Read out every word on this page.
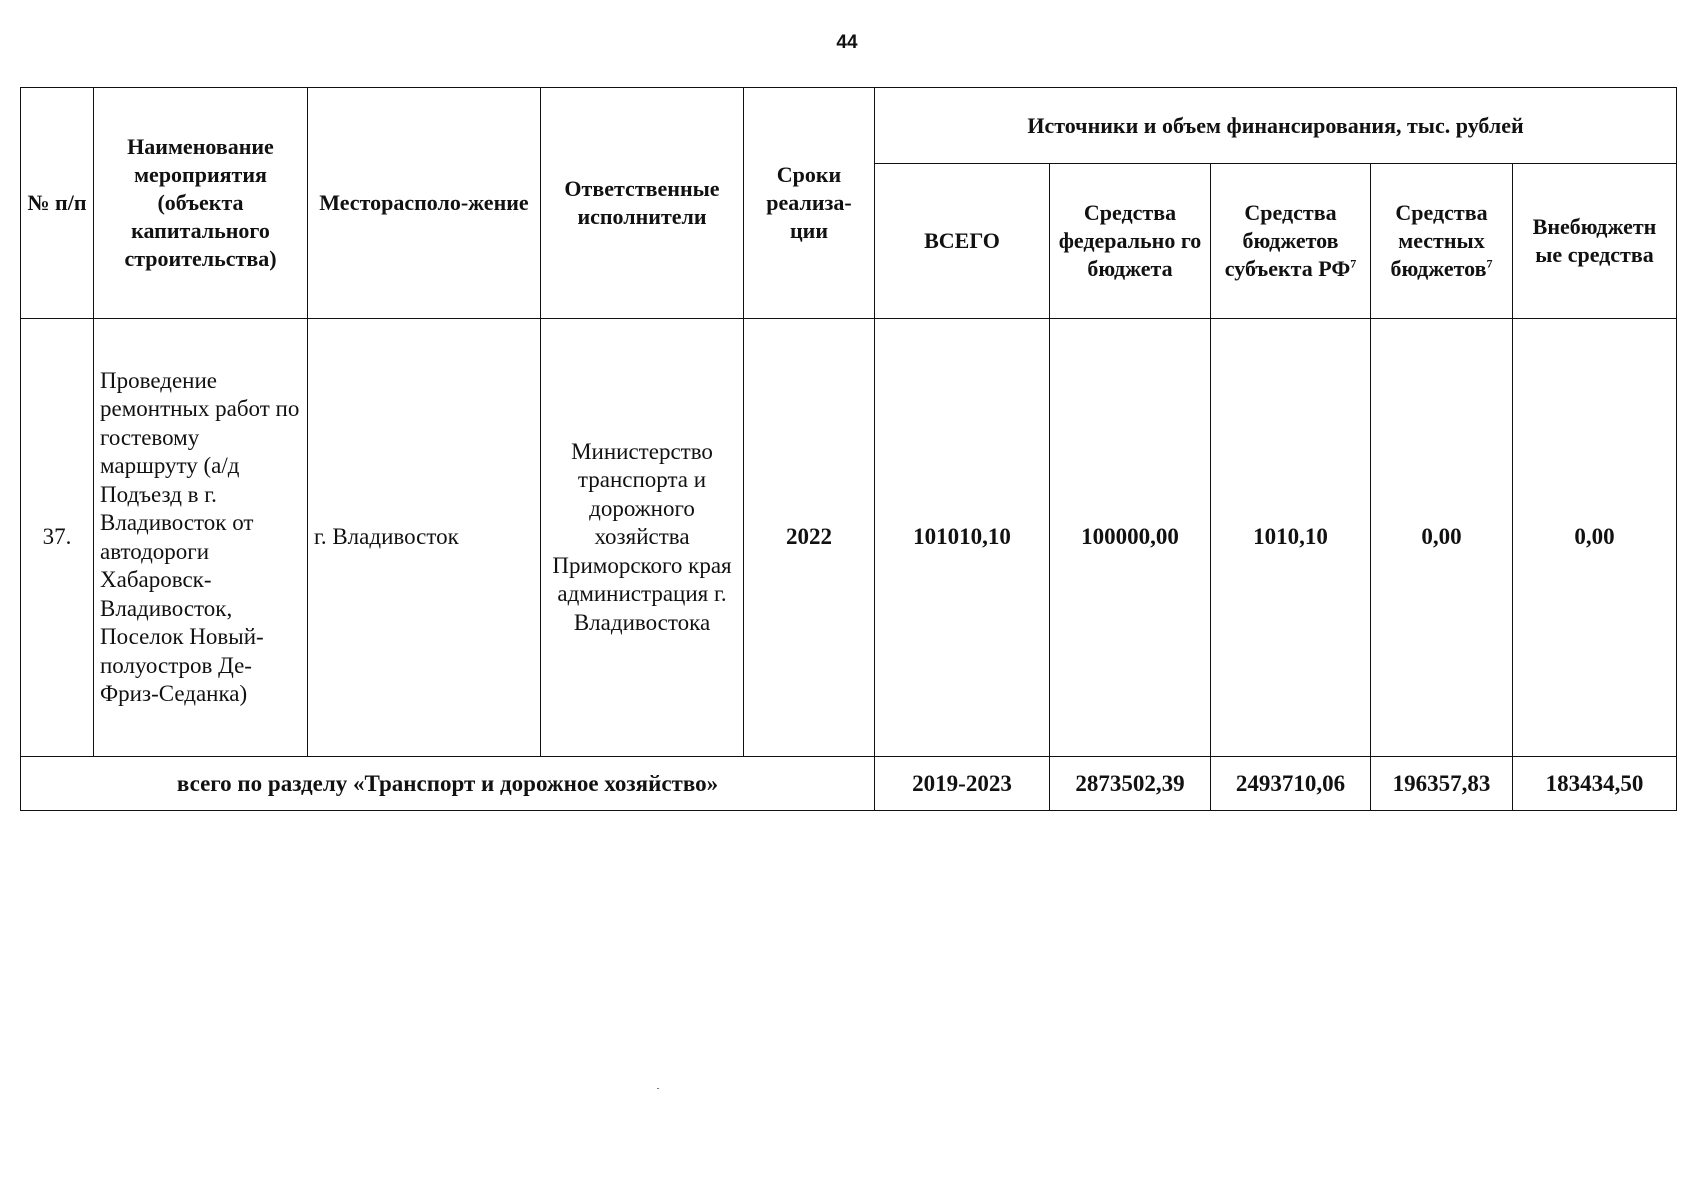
44
№ п/п	Наименование мероприятия (объекта капитального строительства)	Месторасполо-жение	Ответственные исполнители	Сроки реализа-ции	Источники и объем финансирования, тыс. рублей				
					ВСЕГО	Средства федерально го бюджета	Средства бюджетов субъекта $РФ^7$	Средства местных бюджетов$^7$	Внебюджетн ые средства
37.	Проведение ремонтных работ по гостевому маршруту (а/д Подъезд в г. Владивосток от автодороги Хабаровск-Владивосток, Поселок Новый-полуостров Де-Фриз-Седанка)	г. Владивосток	Министерство транспорта и дорожного хозяйства Приморского края администрация г. Владивостока	2022	101010,10	100000,00	1010,10	0,00	0,00
всего по разделу «Транспорт и дорожное хозяйство»					2019-2023	2873502,39	2493710,06	196357,83	183434,50
